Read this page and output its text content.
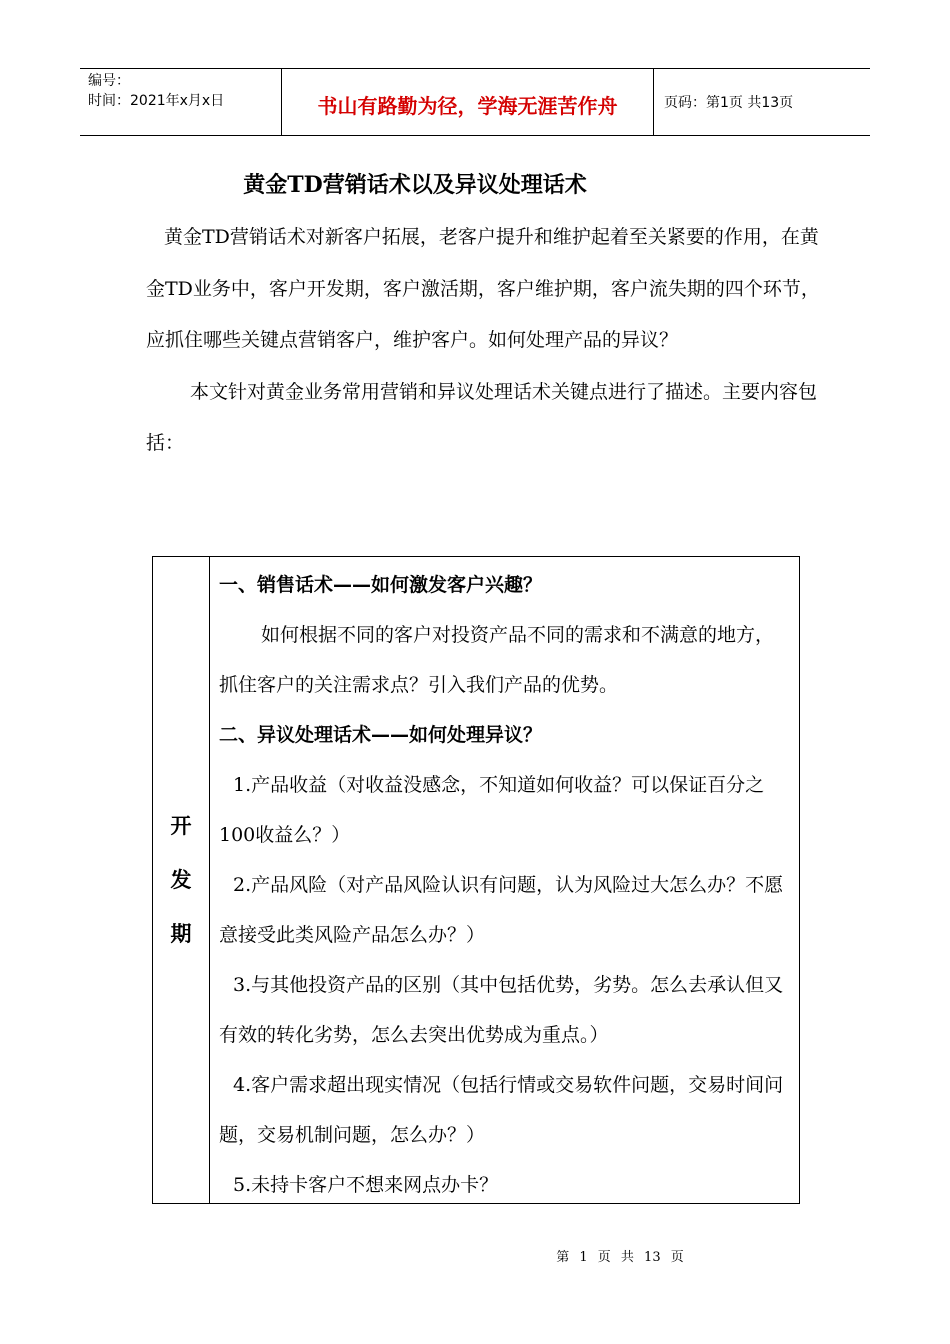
编号：
时间：2021年x月x日	书山有路勤为径，学海无涯苦作舟	页码：第1页 共13页
黄金TD营销话术以及异议处理话术

黄金TD营销话术对新客户拓展，老客户提升和维护起着至关紧要的作用，在黄金TD业务中，客户开发期，客户激活期，客户维护期，客户流失期的四个环节，应抓住哪些关键点营销客户，维护客户。如何处理产品的异议？

本文针对黄金业务常用营销和异议处理话术关键点进行了描述。主要内容包括：

开
发
期

一、销售话术——如何激发客户兴趣？

如何根据不同的客户对投资产品不同的需求和不满意的地方，抓住客户的关注需求点？引入我们产品的优势。

二、异议处理话术——如何处理异议？

1.产品收益（对收益没感念，不知道如何收益？可以保证百分之100收益么？）

2.产品风险（对产品风险认识有问题，认为风险过大怎么办？不愿意接受此类风险产品怎么办？）

3.与其他投资产品的区别（其中包括优势，劣势。怎么去承认但又有效的转化劣势，怎么去突出优势成为重点。）

4.客户需求超出现实情况（包括行情或交易软件问题，交易时间问题，交易机制问题，怎么办？）

5.未持卡客户不想来网点办卡？

第 1 页 共 13 页
